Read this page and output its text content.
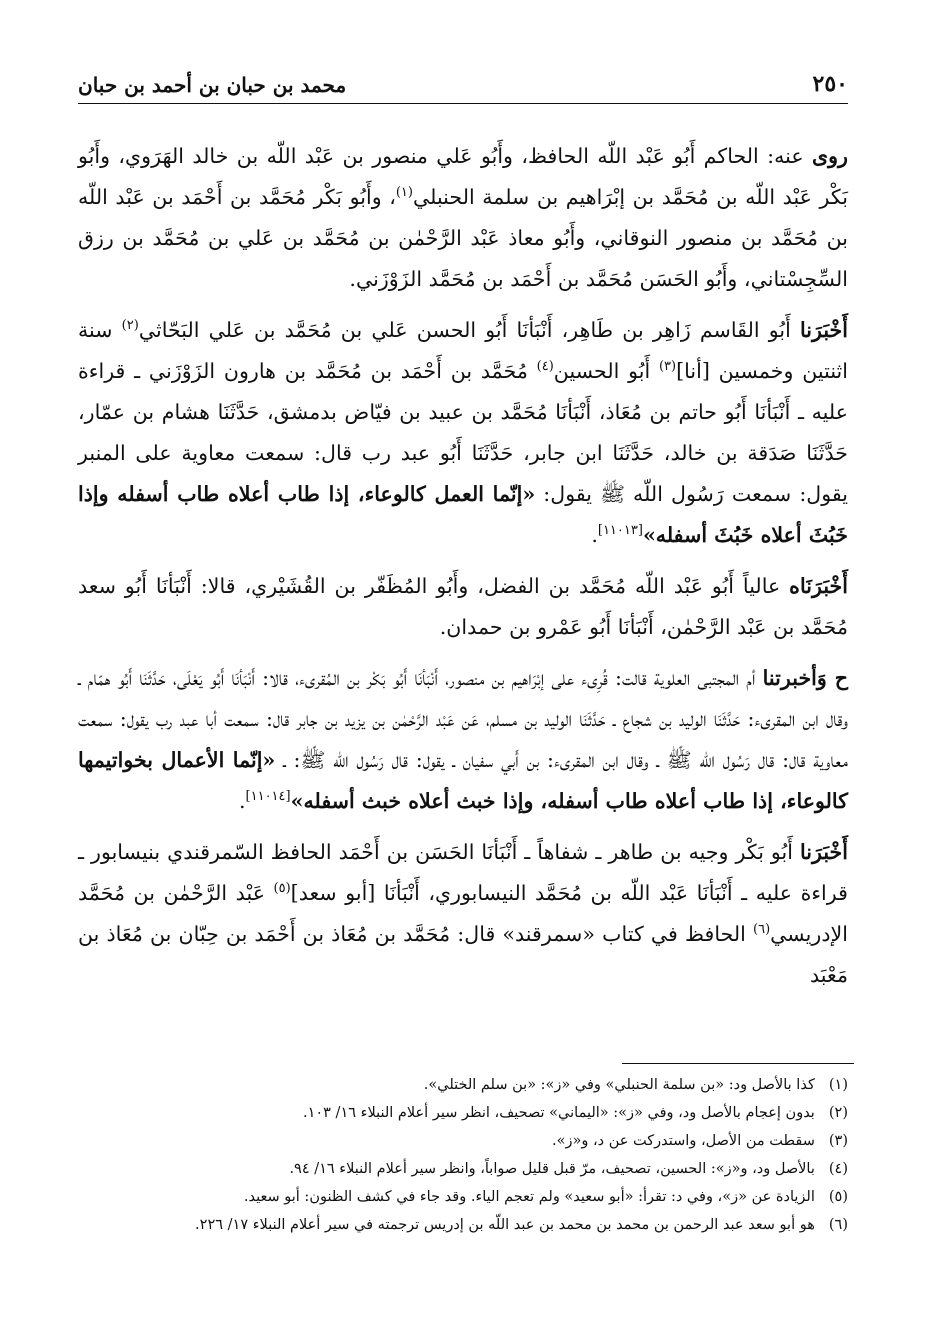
٢٥٠
محمد بن حبان بن أحمد بن حبان

روى عنه: الحاكم أَبُو عَبْد اللّه الحافظ، وأَبُو عَلي منصور بن عَبْد اللّه بن خالد الهَرَوي، وأَبُو بَكْر عَبْد اللّه بن مُحَمَّد بن إبْرَاهيم بن سلمة الحنبلي$^{(١)}$، وأَبُو بَكْر مُحَمَّد بن أَحْمَد بن عَبْد اللّه بن مُحَمَّد بن منصور النوقاني، وأَبُو معاذ عَبْد الرَّحْمٰن بن مُحَمَّد بن عَلي بن مُحَمَّد بن رزق السِّجِسْتاني، وأَبُو الحَسَن مُحَمَّد بن أَحْمَد بن مُحَمَّد الزَوْزَني.

أَخْبَرَنا أَبُو القَاسم زَاهِر بن طَاهِر، أَنْبَأنَا أَبُو الحسن عَلي بن مُحَمَّد بن عَلي البَحّاثي$^{(٢)}$ سنة اثنتين وخمسين [أنا]$^{(٣)}$ أَبُو الحسين$^{(٤)}$ مُحَمَّد بن أَحْمَد بن مُحَمَّد بن هارون الزَوْزَني ـ قراءة عليه ـ أَنْبَأنَا أَبُو حاتم بن مُعَاذ، أَنْبَأنَا مُحَمَّد بن عبيد بن فيّاض بدمشق، حَدَّثَنَا هشام بن عمّار، حَدَّثَنَا صَدَقة بن خالد، حَدَّثَنَا ابن جابر، حَدَّثَنَا أَبُو عبد رب قال: سمعت معاوية على المنبر يقول: سمعت رَسُول اللّه ﷺ يقول: «إنّما العمل كالوعاء، إذا طاب أعلاه طاب أسفله وإذا خَبُثَ أعلاه خَبُثَ أسفله»[١١٠١٣].

أَخْبَرَنَاه عالياً أَبُو عَبْد اللّه مُحَمَّد بن الفضل، وأَبُو المُظَفّر بن القُشَيْري، قالا: أَنْبَأنَا أَبُو سعد مُحَمَّد بن عَبْد الرَّحْمٰن، أَنْبَأنَا أَبُو عَمْرو بن حمدان.

ح وَأخبرتنا أم المجتبى العلوية قالت: قُرِىء على إبْرَاهيم بن منصور، أَنْبَأنَا أَبُو بَكْر بن المُقرىء، قالا: أَنْبَأنَا أَبُو يَعْلَى، حَدَّثَنَا أَبُو همّام ـ وقال ابن المقرىء: حَدَّثَنَا الوليد بن شجاع ـ حَدَّثَنَا الوليد بن مسلم، عَن عَبْد الرَّحْمٰن بن يزيد بن جابر قال: سمعت أبا عبد رب يقول: سمعت معاوية قال: قال رَسُول اللّه ﷺ ـ وقال ابن المقرىء: بن أَبي سفيان ـ يقول: قال رَسُول اللّه ﷺ: ـ «إنّما الأعمال بخواتيمها كالوعاء، إذا طاب أعلاه طاب أسفله، وإذا خبث أعلاه خبث أسفله»[١١٠١٤].

أَخْبَرَنا أَبُو بَكْر وجيه بن طاهر ـ شفاهاً ـ أَنْبَأنَا الحَسَن بن أَحْمَد الحافظ السّمرقندي بنيسابور ـ قراءة عليه ـ أَنْبَأنَا عَبْد اللّه بن مُحَمَّد النيسابوري، أَنْبَأنَا [أبو سعد]$^{(٥)}$ عَبْد الرَّحْمٰن بن مُحَمَّد الإدريسي$^{(٦)}$ الحافظ في كتاب «سمرقند» قال: مُحَمَّد بن مُعَاذ بن أَحْمَد بن حِبّان بن مُعَاذ بن مَعْبَد

(١)
كذا بالأصل ود: «بن سلمة الحنبلي» وفي «ز»: «بن سلم الختلي».
(٢)
بدون إعجام بالأصل ود، وفي «ز»: «اليماني» تصحيف، انظر سير أعلام النبلاء ١٦/ ١٠٣.
(٣)
سقطت من الأصل، واستدركت عن د، و«ز».
(٤)
بالأصل ود، و«ز»: الحسين، تصحيف، مرّ قبل قليل صواباً، وانظر سير أعلام النبلاء ١٦/ ٩٤.
(٥)
الزيادة عن «ز»، وفي د: تقرأ: «أبو سعيد» ولم تعجم الياء. وقد جاء في كشف الظنون: أبو سعيد.
(٦)
هو أبو سعد عبد الرحمن بن محمد بن محمد بن عبد اللّه بن إدريس ترجمته في سير أعلام النبلاء ١٧/ ٢٢٦.
